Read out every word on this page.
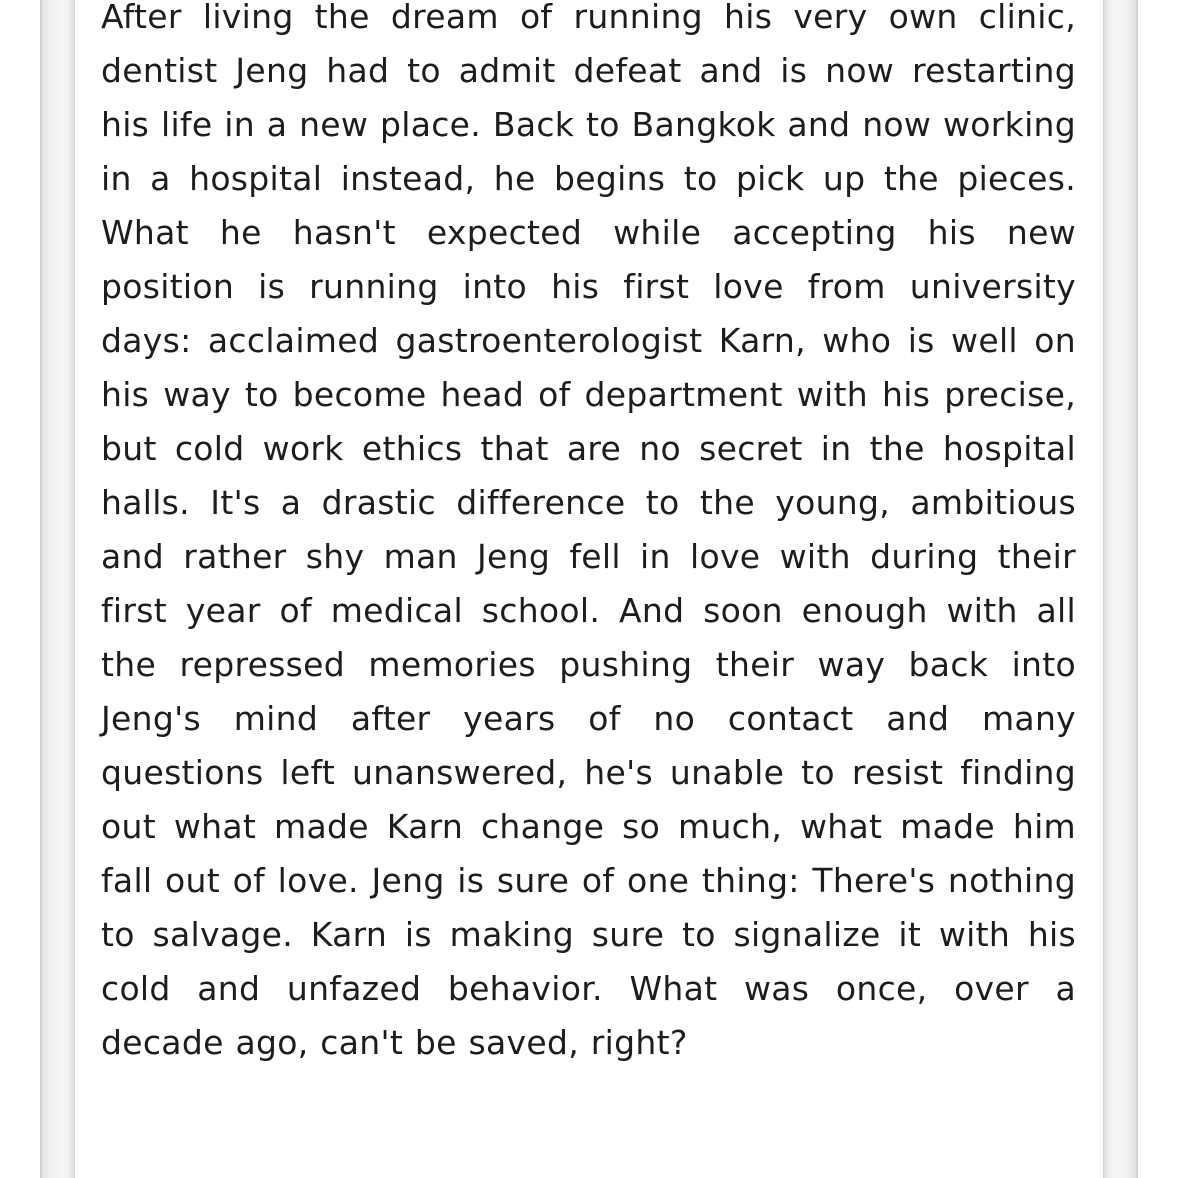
After living the dream of running his very own clinic, dentist Jeng had to admit defeat and is now restarting his life in a new place. Back to Bangkok and now working in a hospital instead, he begins to pick up the pieces. What he hasn't expected while accepting his new position is running into his first love from university days: acclaimed gastroenterologist Karn, who is well on his way to become head of department with his precise, but cold work ethics that are no secret in the hospital halls. It's a drastic difference to the young, ambitious and rather shy man Jeng fell in love with during their first year of medical school. And soon enough with all the repressed memories pushing their way back into Jeng's mind after years of no contact and many questions left unanswered, he's unable to resist finding out what made Karn change so much, what made him fall out of love. Jeng is sure of one thing: There's nothing to salvage. Karn is making sure to signalize it with his cold and unfazed behavior. What was once, over a decade ago, can't be saved, right?
